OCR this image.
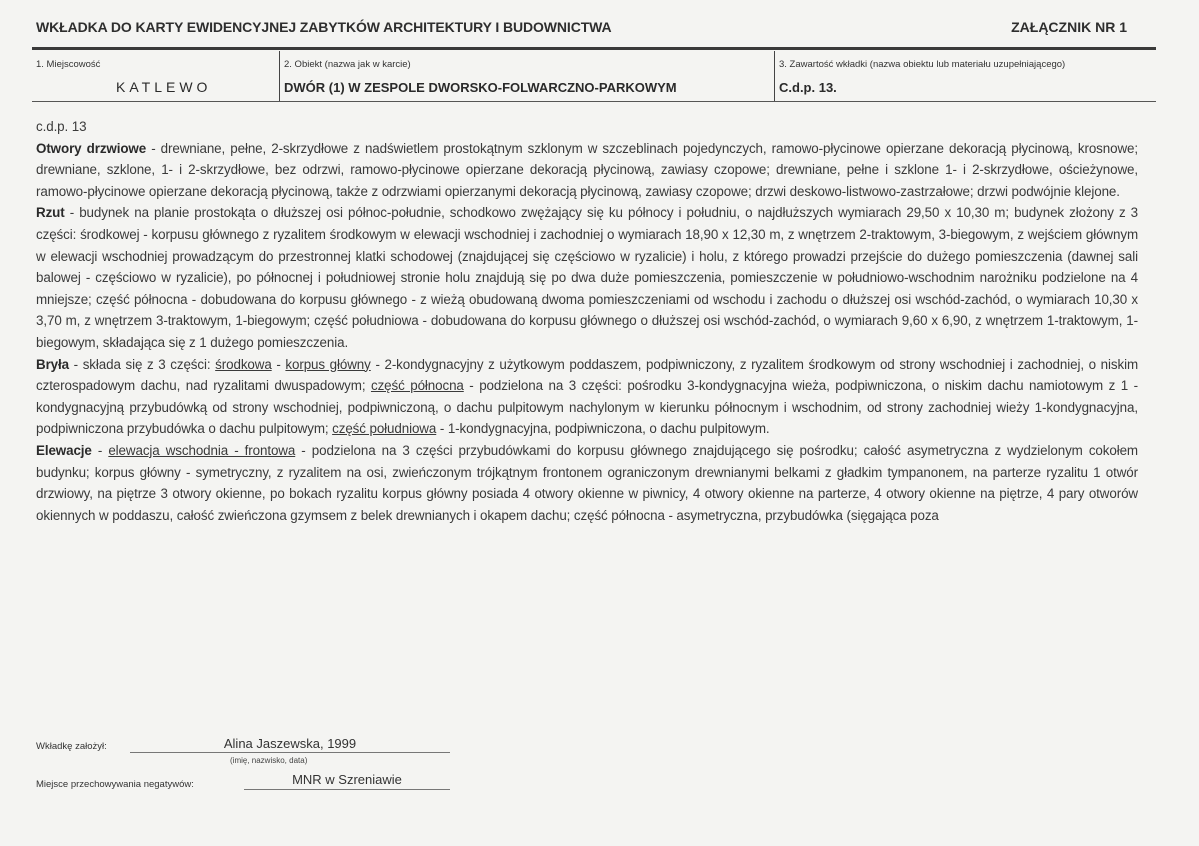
WKŁADKA DO KARTY EWIDENCYJNEJ ZABYTKÓW ARCHITEKTURY I BUDOWNICTWA	ZAŁĄCZNIK NR 1
1. Miejscowość
KATLEWO
2. Obiekt (nazwa jak w karcie)
DWÓR (1) W ZESPOLE DWORSKO-FOLWARCZNO-PARKOWYM
3. Zawartość wkładki (nazwa obiektu lub materiału uzupełniającego)
C.d.p. 13.

c.d.p. 13

Otwory drzwiowe - drewniane, pełne, 2-skrzydłowe z nadświetlem prostokątnym szklonym w szczeblinach pojedynczych, ramowo-płycinowe opierzane dekoracją płycinową, krosnowe; drewniane, szklone, 1- i 2-skrzydłowe, bez odrzwi, ramowo-płycinowe opierzane dekoracją płycinową, zawiasy czopowe; drewniane, pełne i szklone 1- i 2-skrzydłowe, ościeżynowe, ramowo-płycinowe opierzane dekoracją płycinową, także z odrzwiami opierzanymi dekoracją płycinową, zawiasy czopowe; drzwi deskowo-listwowo-zastrzałowe; drzwi podwójnie klejone.

Rzut - budynek na planie prostokąta o dłuższej osi północ-południe, schodkowo zwężający się ku północy i południu, o najdłuższych wymiarach 29,50 x 10,30 m; budynek złożony z 3 części: środkowej - korpusu głównego z ryzalitem środkowym w elewacji wschodniej i zachodniej o wymiarach 18,90 x 12,30 m, z wnętrzem 2-traktowym, 3-biegowym, z wejściem głównym w elewacji wschodniej prowadzącym do przestronnej klatki schodowej (znajdującej się częściowo w ryzalicie) i holu, z którego prowadzi przejście do dużego pomieszczenia (dawnej sali balowej - częściowo w ryzalicie), po północnej i południowej stronie holu znajdują się po dwa duże pomieszczenia, pomieszczenie w południowo-wschodnim narożniku podzielone na 4 mniejsze; część północna - dobudowana do korpusu głównego - z wieżą obudowaną dwoma pomieszczeniami od wschodu i zachodu o dłuższej osi wschód-zachód, o wymiarach 10,30 x 3,70 m, z wnętrzem 3-traktowym, 1-biegowym; część południowa - dobudowana do korpusu głównego o dłuższej osi wschód-zachód, o wymiarach 9,60 x 6,90, z wnętrzem 1-traktowym, 1-biegowym, składająca się z 1 dużego pomieszczenia.

Bryła - składa się z 3 części: środkowa - korpus główny - 2-kondygnacyjny z użytkowym poddaszem, podpiwniczony, z ryzalitem środkowym od strony wschodniej i zachodniej, o niskim czterospadowym dachu, nad ryzalitami dwuspadowym; część północna - podzielona na 3 części: pośrodku 3-kondygnacyjna wieża, podpiwniczona, o niskim dachu namiotowym z 1 -kondygnacyjną przybudówką od strony wschodniej, podpiwniczoną, o dachu pulpitowym nachylonym w kierunku północnym i wschodnim, od strony zachodniej wieży 1-kondygnacyjna, podpiwniczona przybudówka o dachu pulpitowym; część południowa - 1-kondygnacyjna, podpiwniczona, o dachu pulpitowym.

Elewacje - elewacja wschodnia - frontowa - podzielona na 3 części przybudówkami do korpusu głównego znajdującego się pośrodku; całość asymetryczna z wydzielonym cokołem budynku; korpus główny - symetryczny, z ryzalitem na osi, zwieńczonym trójkątnym frontonem ograniczonym drewnianymi belkami z gładkim tympanonem, na parterze ryzalitu 1 otwór drzwiowy, na piętrze 3 otwory okienne, po bokach ryzalitu korpus główny posiada 4 otwory okienne w piwnicy, 4 otwory okienne na parterze, 4 otwory okienne na piętrze, 4 pary otworów okiennych w poddaszu, całość zwieńczona gzymsem z belek drewnianych i okapem dachu; część północna - asymetryczna, przybudówka (sięgająca poza

Wkładkę założył:	Alina Jaszewska, 1999
(imię, nazwisko, data)
Miejsce przechowywania negatywów:	MNR w Szreniawie
